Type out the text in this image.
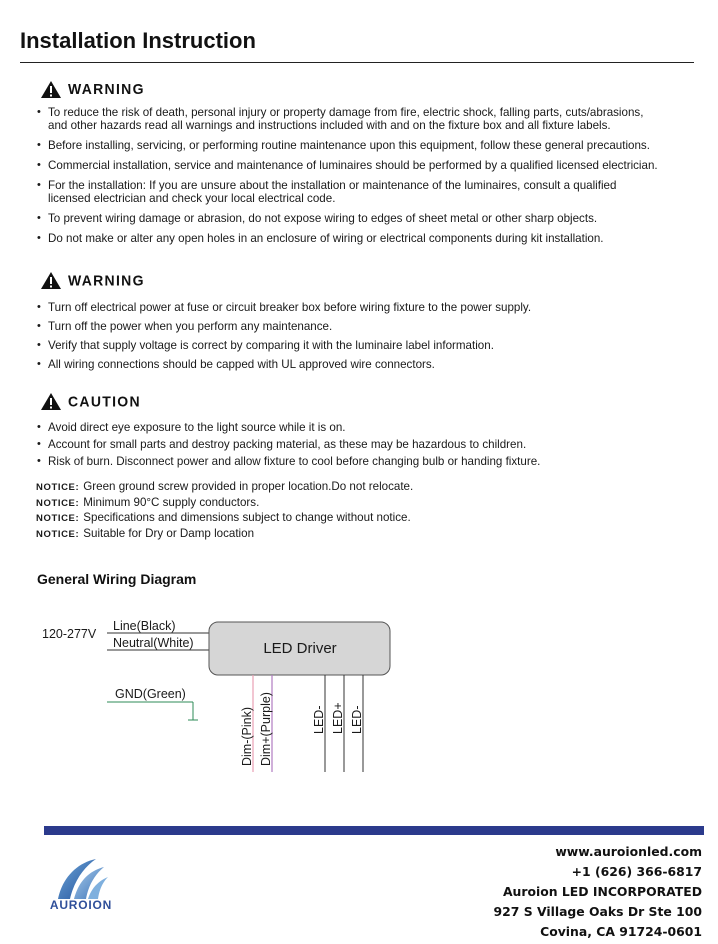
Installation Instruction
WARNING
• To reduce the risk of death, personal injury or property damage from fire, electric shock, falling parts, cuts/abrasions,
and other hazards read all warnings and instructions included with and on the fixture box and all fixture labels.
• Before installing, servicing, or performing routine maintenance upon this equipment, follow these general precautions.
• Commercial installation, service and maintenance of luminaires should be performed by a qualified licensed electrician.
• For the installation: If you are unsure about the installation or maintenance of the luminaires, consult a qualified
licensed electrician and check your local electrical code.
• To prevent wiring damage or abrasion, do not expose wiring to edges of sheet metal or other sharp objects.
• Do not make or alter any open holes in an enclosure of wiring or electrical components during kit installation.
WARNING
• Turn off electrical power at fuse or circuit breaker box before wiring fixture to the power supply.
• Turn off the power when you perform any maintenance.
• Verify that supply voltage is correct by comparing it with the luminaire label information.
• All wiring connections should be capped with UL approved wire connectors.
CAUTION
• Avoid direct eye exposure to the light source while it is on.
• Account for small parts and destroy packing material, as these may be hazardous to children.
• Risk of burn. Disconnect power and allow fixture to cool before changing bulb or handing fixture.
NOTICE: Green ground screw provided in proper location.Do not relocate.
NOTICE: Minimum 90°C supply conductors.
NOTICE: Specifications and dimensions subject to change without notice.
NOTICE: Suitable for Dry or Damp location
General Wiring Diagram
120-277V
Line(Black)
Neutral(White)	LED Driver
GND(Green)
Dim-(Pink) Dim+(Purple)	LED- LED+ LED-
AUROION
www.auroionled.com
+1 (626) 366-6817
Auroion LED INCORPORATED
927 S Village Oaks Dr Ste 100
Covina, CA 91724-0601
